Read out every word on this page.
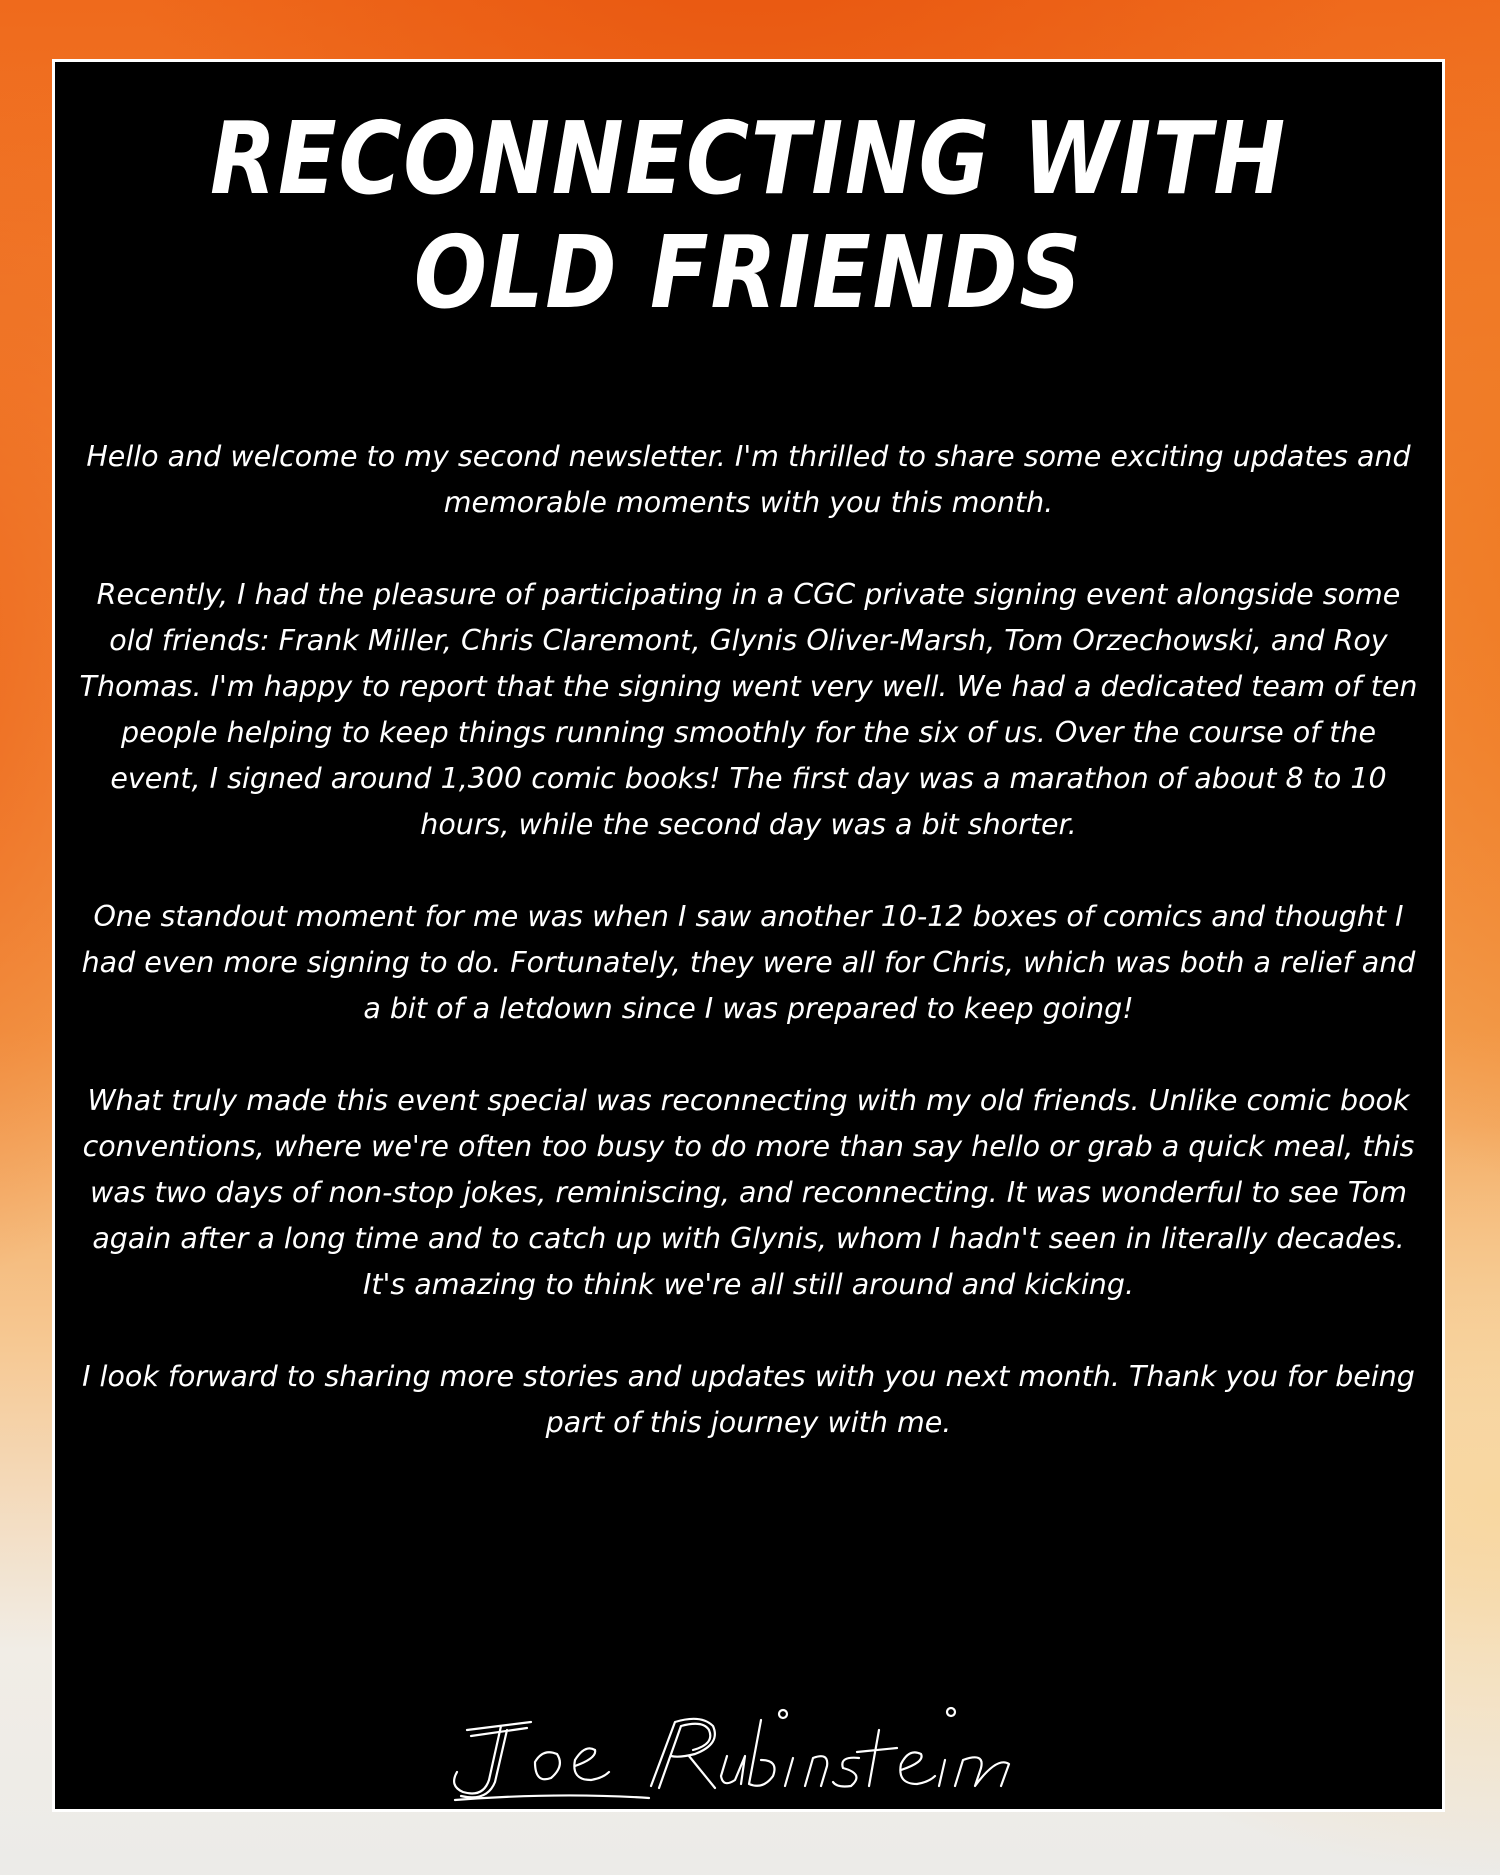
RECONNECTING WITH
OLD FRIENDS

Hello and welcome to my second newsletter. I'm thrilled to share some exciting updates and memorable moments with you this month.

Recently, I had the pleasure of participating in a CGC private signing event alongside some old friends: Frank Miller, Chris Claremont, Glynis Oliver-Marsh, Tom Orzechowski, and Roy Thomas. I'm happy to report that the signing went very well. We had a dedicated team of ten people helping to keep things running smoothly for the six of us. Over the course of the event, I signed around 1,300 comic books! The first day was a marathon of about 8 to 10 hours, while the second day was a bit shorter.

One standout moment for me was when I saw another 10-12 boxes of comics and thought I had even more signing to do. Fortunately, they were all for Chris, which was both a relief and a bit of a letdown since I was prepared to keep going!

What truly made this event special was reconnecting with my old friends. Unlike comic book conventions, where we're often too busy to do more than say hello or grab a quick meal, this was two days of non-stop jokes, reminiscing, and reconnecting. It was wonderful to see Tom again after a long time and to catch up with Glynis, whom I hadn't seen in literally decades. It's amazing to think we're all still around and kicking.

I look forward to sharing more stories and updates with you next month. Thank you for being part of this journey with me.
